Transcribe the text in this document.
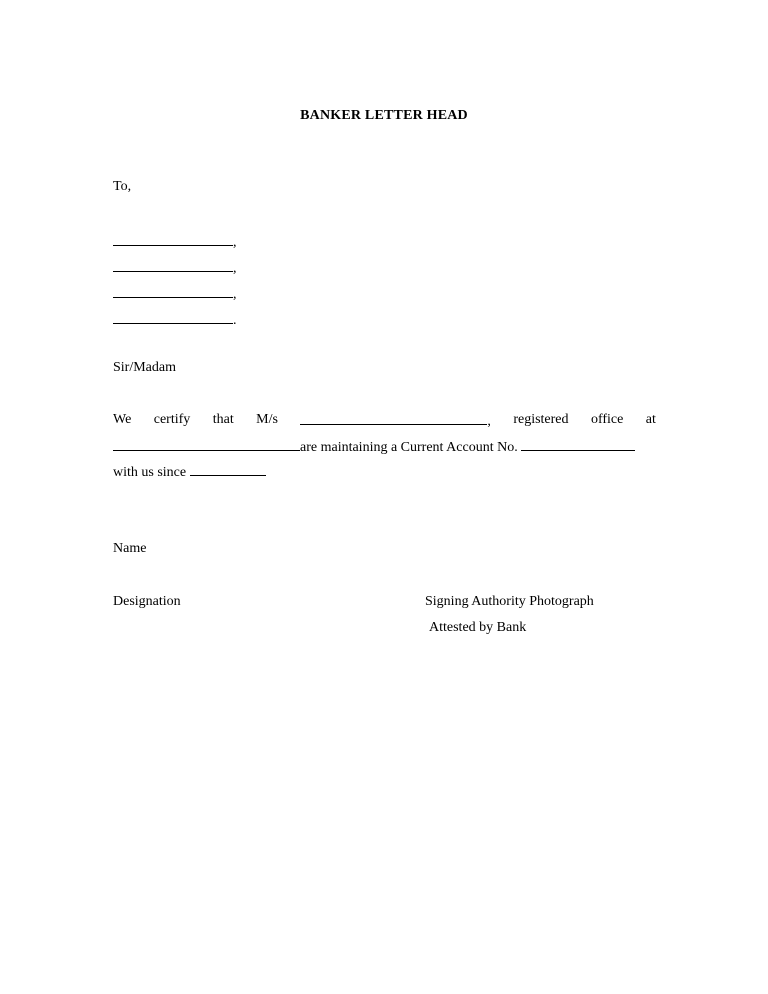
BANKER LETTER HEAD
To,
,
,
,
.
Sir/Madam
We certify that M/s	, registered office at
are maintaining a Current Account No.
with us since
Name
Designation	Signing Authority Photograph
Attested by Bank
